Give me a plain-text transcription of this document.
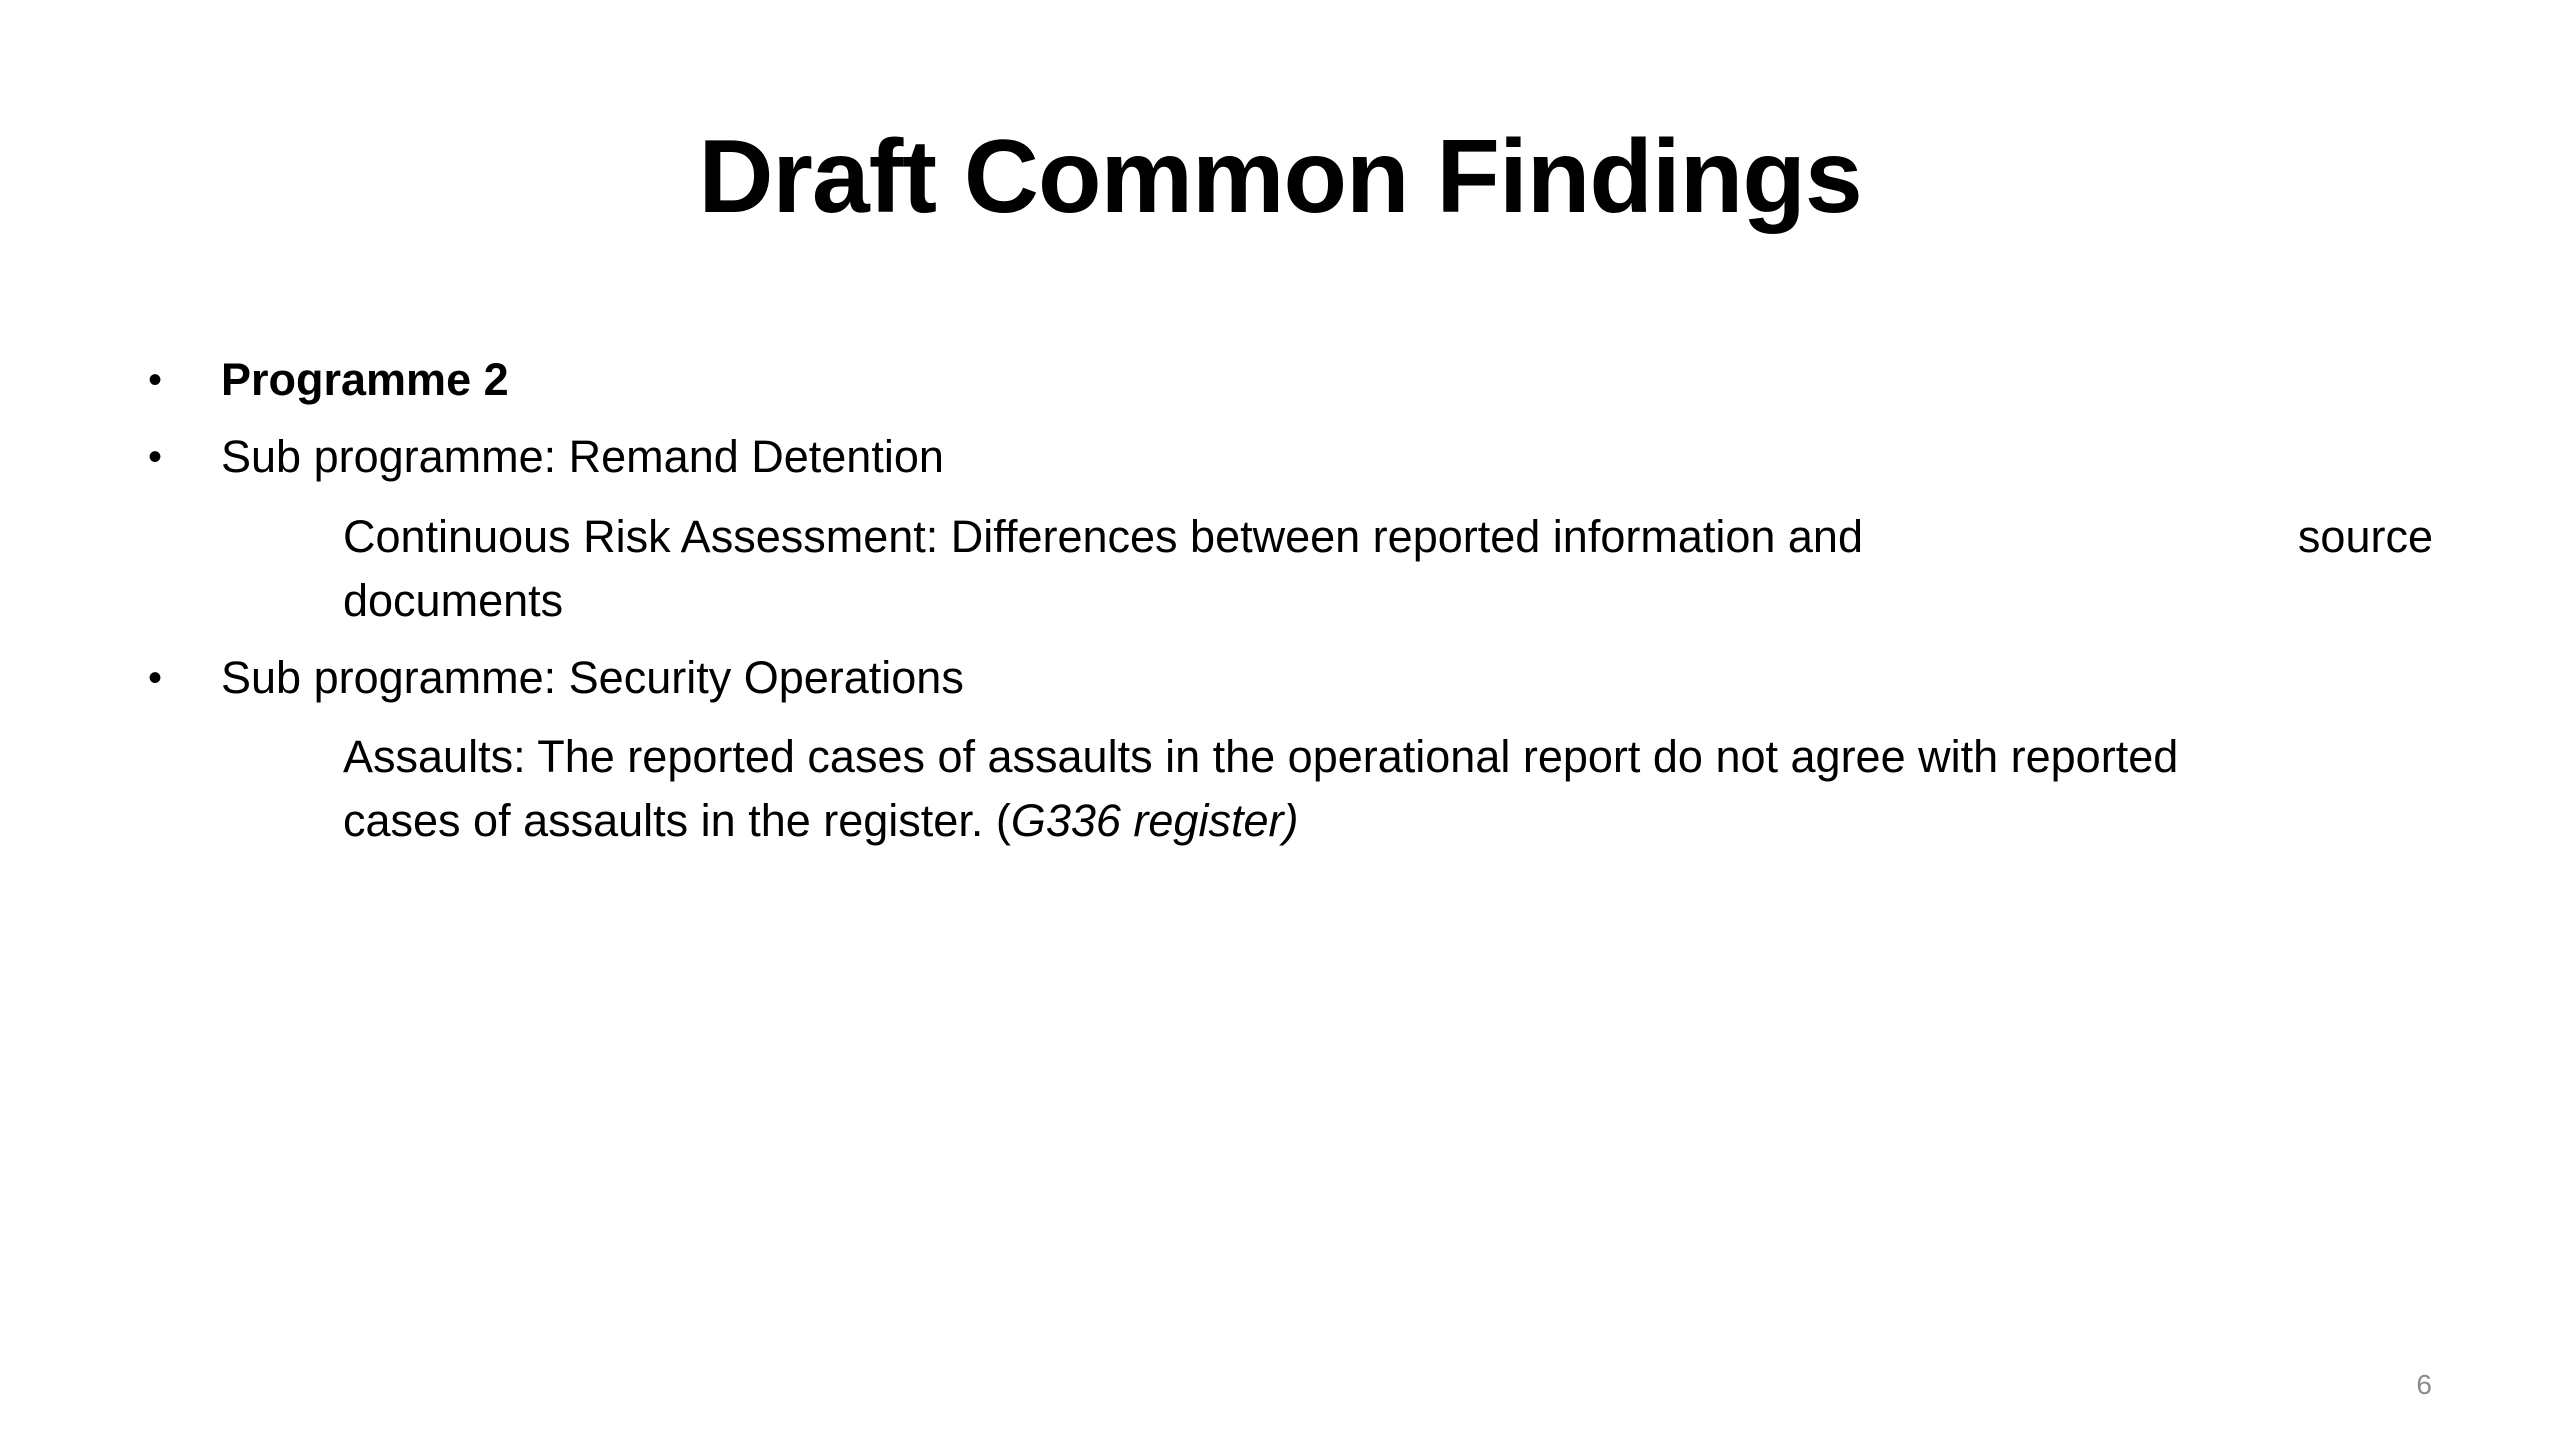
Draft Common Findings
•	Programme 2
•	Sub programme: Remand Detention
Continuous Risk Assessment: Differences between reported information and	source
documents
•	Sub programme: Security Operations
Assaults: The reported cases of assaults in the operational report do not agree with reported
cases of assaults in the register. (G336 register)
6
